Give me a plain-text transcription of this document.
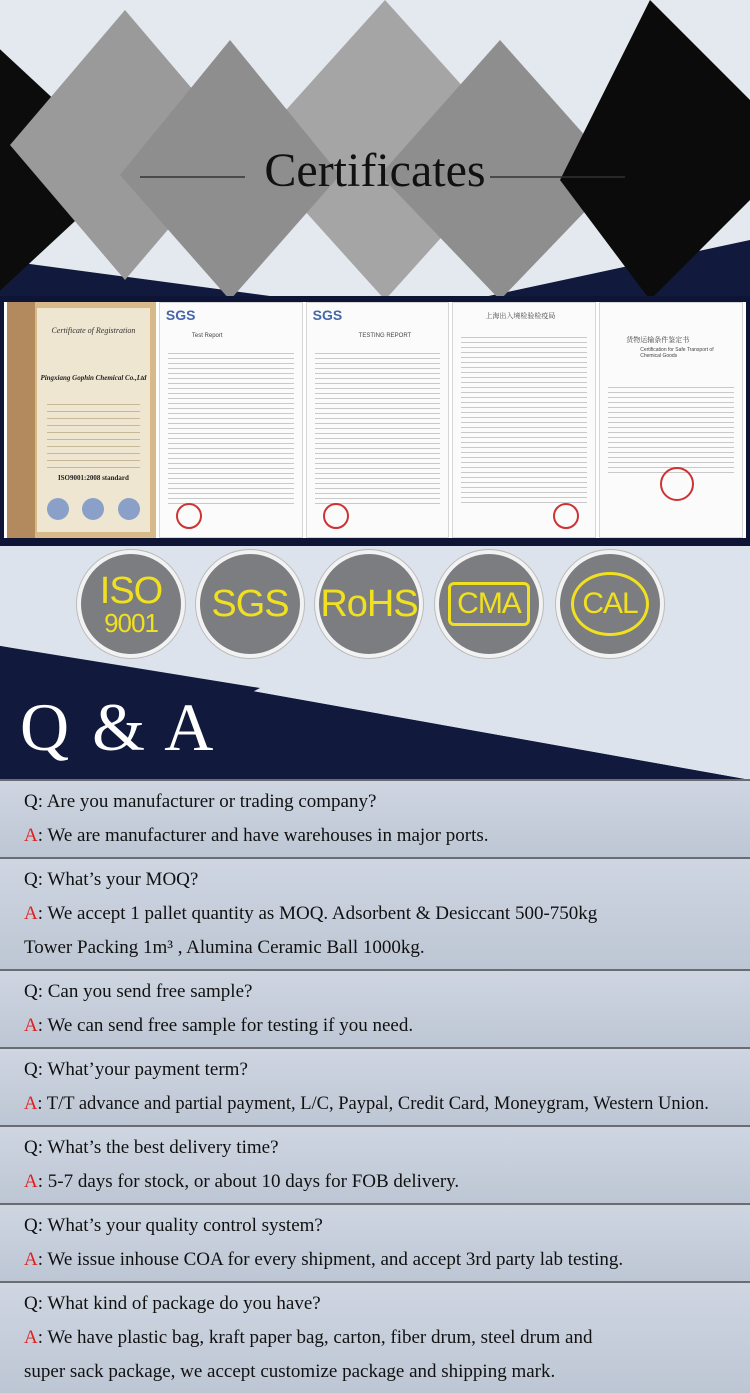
Certificates
Certificate of Registration
Pingxiang Gophin Chemical Co.,Ltd
ISO9001:2008 standard
SGS
Test Report
SGS
TESTING REPORT
上海出入境检验检疫局
货物运输条件鉴定书
Certification for Safe Transport of Chemical Goods
ISO
9001 SGS RoHS	CMA	CAL
Q & A
Q: Are you manufacturer or trading company?
A: We are manufacturer and have warehouses in major ports.
Q: What’s your MOQ?
A: We accept 1 pallet quantity as MOQ. Adsorbent & Desiccant 500-750kg
Tower Packing 1m³ , Alumina Ceramic Ball 1000kg.
Q: Can you send free sample?
A: We can send free sample for testing if you need.
Q: What’your payment term?
A: T/T advance and partial payment, L/C, Paypal, Credit Card, Moneygram, Western Union.
Q: What’s the best delivery time?
A: 5-7 days for stock, or about 10 days for FOB delivery.
Q: What’s your quality control system?
A: We issue inhouse COA for every shipment, and accept 3rd party lab testing.
Q: What kind of package do you have?
A: We have plastic bag, kraft paper bag, carton, fiber drum, steel drum and
super sack package, we accept customize package and shipping mark.
